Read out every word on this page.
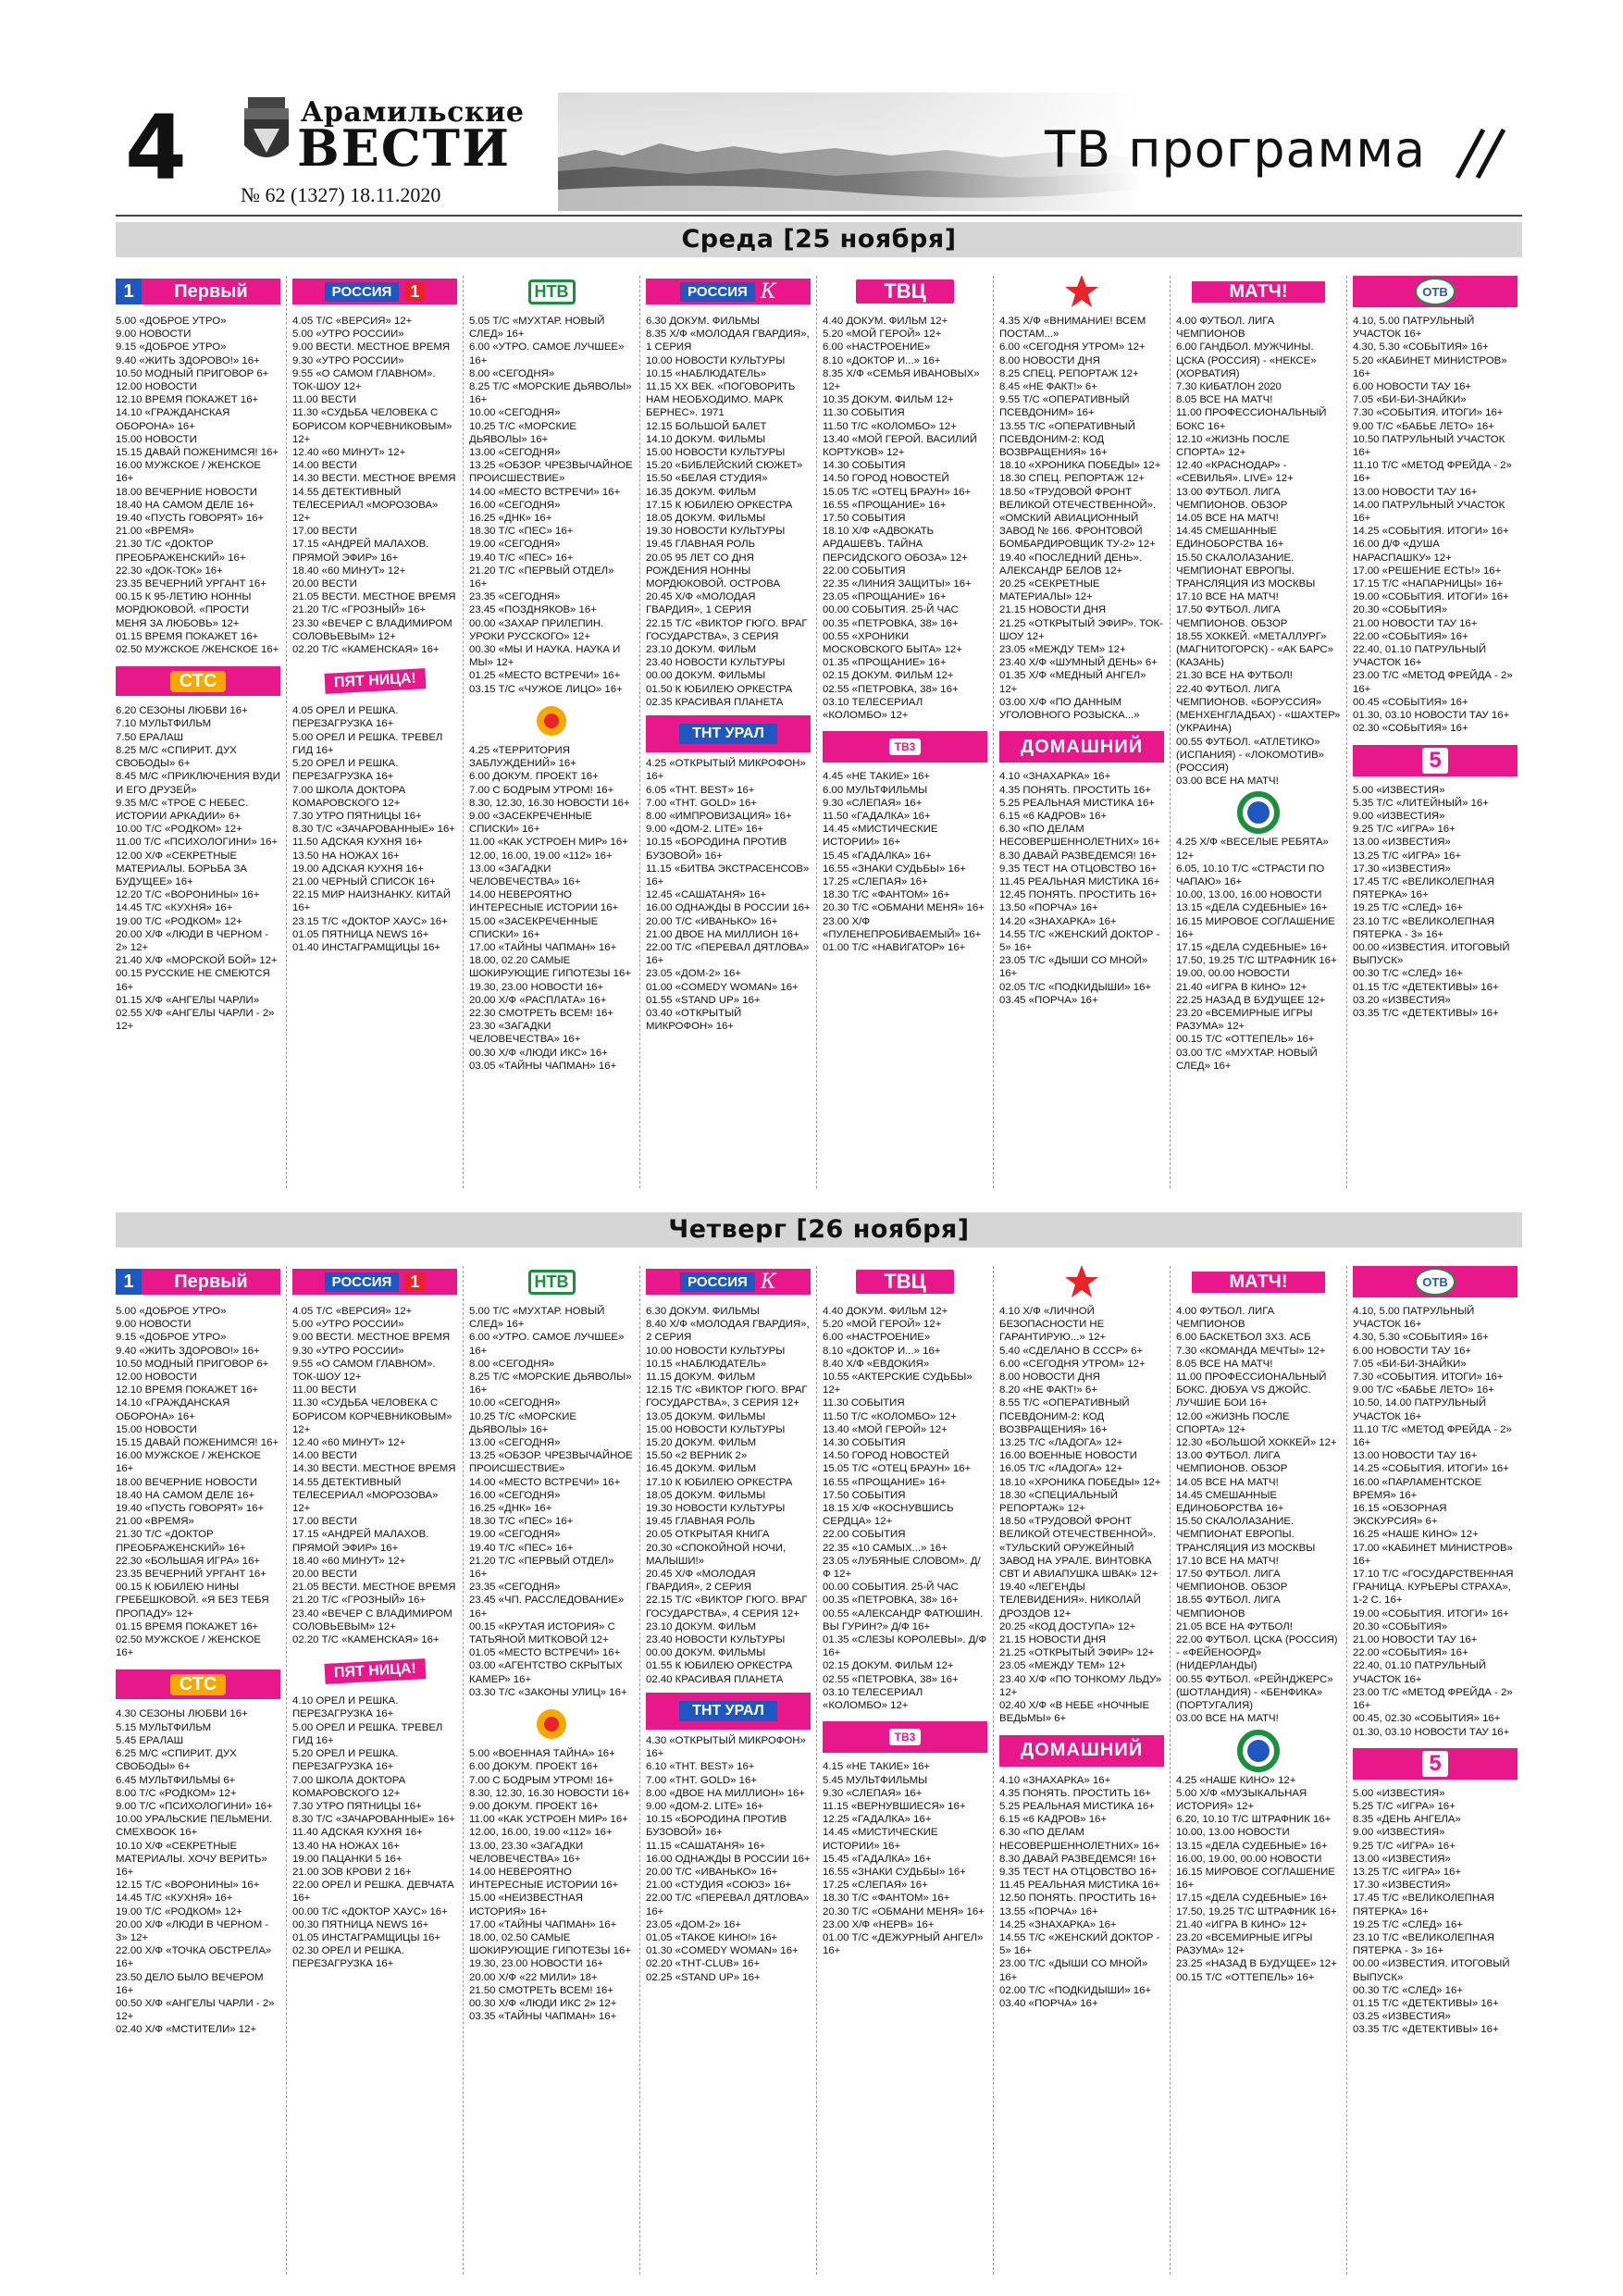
4	Арамильские
ВЕСТИ
№ 62 (1327) 18.11.2020
ТВ программа
Среда [25 ноября]
1	Первый

5.00 «ДОБРОЕ УТРО»

9.00 НОВОСТИ

9.15 «ДОБРОЕ УТРО»

9.40 «ЖИТЬ ЗДОРОВО!» 16+

10.50 МОДНЫЙ ПРИГОВОР 6+

12.00 НОВОСТИ

12.10 ВРЕМЯ ПОКАЖЕТ 16+

14.10 «ГРАЖДАНСКАЯ ОБОРОНА» 16+

15.00 НОВОСТИ

15.15 ДАВАЙ ПОЖЕНИМСЯ! 16+

16.00 МУЖСКОЕ / ЖЕНСКОЕ 16+

18.00 ВЕЧЕРНИЕ НОВОСТИ

18.40 НА САМОМ ДЕЛЕ 16+

19.40 «ПУСТЬ ГОВОРЯТ» 16+

21.00 «ВРЕМЯ»

21.30 Т/С «ДОКТОР ПРЕОБРАЖЕНСКИЙ» 16+

22.30 «ДОК-ТОК» 16+

23.35 ВЕЧЕРНИЙ УРГАНТ 16+

00.15 К 95-ЛЕТИЮ НОННЫ МОРДЮКОВОЙ. «ПРОСТИ МЕНЯ ЗА ЛЮБОВЬ» 12+

01.15 ВРЕМЯ ПОКАЖЕТ 16+

02.50 МУЖСКОЕ /ЖЕНСКОЕ 16+

СТС

6.20 СЕЗОНЫ ЛЮБВИ 16+

7.10 МУЛЬТФИЛЬМ

7.50 ЕРАЛАШ

8.25 М/С «СПИРИТ. ДУХ СВОБОДЫ» 6+

8.45 М/С «ПРИКЛЮЧЕНИЯ ВУДИ И ЕГО ДРУЗЕЙ»

9.35 М/С «ТРОЕ С НЕБЕС. ИСТОРИИ АРКАДИИ» 6+

10.00 Т/С «РОДКОМ» 12+

11.00 Т/С «ПСИХОЛОГИНИ» 16+

12.00 Х/Ф «СЕКРЕТНЫЕ МАТЕРИАЛЫ. БОРЬБА ЗА БУДУЩЕЕ» 16+

12.20 Т/С «ВОРОНИНЫ» 16+

14.45 Т/С «КУХНЯ» 16+

19.00 Т/С «РОДКОМ» 12+

20.00 Х/Ф «ЛЮДИ В ЧЕРНОМ - 2» 12+

21.40 Х/Ф «МОРСКОЙ БОЙ» 12+

00.15 РУССКИЕ НЕ СМЕЮТСЯ 16+

01.15 Х/Ф «АНГЕЛЫ ЧАРЛИ»

02.55 Х/Ф «АНГЕЛЫ ЧАРЛИ - 2» 12+

РОССИЯ	1

4.05 Т/С «ВЕРСИЯ» 12+

5.00 «УТРО РОССИИ»

9.00 ВЕСТИ. МЕСТНОЕ ВРЕМЯ

9.30 «УТРО РОССИИ»

9.55 «О САМОМ ГЛАВНОМ». ТОК-ШОУ 12+

11.00 ВЕСТИ

11.30 «СУДЬБА ЧЕЛОВЕКА С БОРИСОМ КОРЧЕВНИКОВЫМ» 12+

12.40 «60 МИНУТ» 12+

14.00 ВЕСТИ

14.30 ВЕСТИ. МЕСТНОЕ ВРЕМЯ

14.55 ДЕТЕКТИВНЫЙ ТЕЛЕСЕРИАЛ «МОРОЗОВА» 12+

17.00 ВЕСТИ

17.15 «АНДРЕЙ МАЛАХОВ. ПРЯМОЙ ЭФИР» 16+

18.40 «60 МИНУТ» 12+

20.00 ВЕСТИ

21.05 ВЕСТИ. МЕСТНОЕ ВРЕМЯ

21.20 Т/С «ГРОЗНЫЙ» 16+

23.30 «ВЕЧЕР С ВЛАДИМИРОМ СОЛОВЬЕВЫМ» 12+

02.20 Т/С «КАМЕНСКАЯ» 16+

ПЯТ НИЦА!

4.05 ОРЕЛ И РЕШКА. ПЕРЕЗАГРУЗКА 16+

5.00 ОРЕЛ И РЕШКА. ТРЕВЕЛ ГИД 16+

5.20 ОРЕЛ И РЕШКА. ПЕРЕЗАГРУЗКА 16+

7.00 ШКОЛА ДОКТОРА КОМАРОВСКОГО 12+

7.30 УТРО ПЯТНИЦЫ 16+

8.30 Т/С «ЗАЧАРОВАННЫЕ» 16+

11.50 АДСКАЯ КУХНЯ 16+

13.50 НА НОЖАХ 16+

19.00 АДСКАЯ КУХНЯ 16+

21.00 ЧЕРНЫЙ СПИСОК 16+

22.15 МИР НАИЗНАНКУ. КИТАЙ 16+

23.15 Т/С «ДОКТОР ХАУС» 16+

01.05 ПЯТНИЦА NEWS 16+

01.40 ИНСТАГРАМЩИЦЫ 16+

НТВ

5.05 Т/С «МУХТАР. НОВЫЙ СЛЕД» 16+

6.00 «УТРО. САМОЕ ЛУЧШЕЕ» 16+

8.00 «СЕГОДНЯ»

8.25 Т/С «МОРСКИЕ ДЬЯВОЛЫ» 16+

10.00 «СЕГОДНЯ»

10.25 Т/С «МОРСКИЕ ДЬЯВОЛЫ» 16+

13.00 «СЕГОДНЯ»

13.25 «ОБЗОР. ЧРЕЗВЫЧАЙНОЕ ПРОИСШЕСТВИЕ»

14.00 «МЕСТО ВСТРЕЧИ» 16+

16.00 «СЕГОДНЯ»

16.25 «ДНК» 16+

18.30 Т/С «ПЕС» 16+

19.00 «СЕГОДНЯ»

19.40 Т/С «ПЕС» 16+

21.20 Т/С «ПЕРВЫЙ ОТДЕЛ» 16+

23.35 «СЕГОДНЯ»

23.45 «ПОЗДНЯКОВ» 16+

00.00 «ЗАХАР ПРИЛЕПИН. УРОКИ РУССКОГО» 12+

00.30 «МЫ И НАУКА. НАУКА И МЫ» 12+

01.25 «МЕСТО ВСТРЕЧИ» 16+

03.15 Т/С «ЧУЖОЕ ЛИЦО» 16+

4.25 «ТЕРРИТОРИЯ ЗАБЛУЖДЕНИЙ» 16+

6.00 ДОКУМ. ПРОЕКТ 16+

7.00 С БОДРЫМ УТРОМ! 16+

8.30, 12.30, 16.30 НОВОСТИ 16+

9.00 «ЗАСЕКРЕЧЕННЫЕ СПИСКИ» 16+

11.00 «КАК УСТРОЕН МИР» 16+

12.00, 16.00, 19.00 «112» 16+

13.00 «ЗАГАДКИ ЧЕЛОВЕЧЕСТВА» 16+

14.00 НЕВЕРОЯТНО ИНТЕРЕСНЫЕ ИСТОРИИ 16+

15.00 «ЗАСЕКРЕЧЕННЫЕ СПИСКИ» 16+

17.00 «ТАЙНЫ ЧАПМАН» 16+

18.00, 02.20 САМЫЕ ШОКИРУЮЩИЕ ГИПОТЕЗЫ 16+

19.30, 23.00 НОВОСТИ 16+

20.00 Х/Ф «РАСПЛАТА» 16+

22.30 СМОТРЕТЬ ВСЕМ! 16+

23.30 «ЗАГАДКИ ЧЕЛОВЕЧЕСТВА» 16+

00.30 Х/Ф «ЛЮДИ ИКС» 16+

03.05 «ТАЙНЫ ЧАПМАН» 16+

РОССИЯ К

6.30 ДОКУМ. ФИЛЬМЫ

8.35 Х/Ф «МОЛОДАЯ ГВАРДИЯ», 1 СЕРИЯ

10.00 НОВОСТИ КУЛЬТУРЫ

10.15 «НАБЛЮДАТЕЛЬ»

11.15 ХХ ВЕК. «ПОГОВОРИТЬ НАМ НЕОБХОДИМО. МАРК БЕРНЕС». 1971

12.15 БОЛЬШОЙ БАЛЕТ

14.10 ДОКУМ. ФИЛЬМЫ

15.00 НОВОСТИ КУЛЬТУРЫ

15.20 «БИБЛЕЙСКИЙ СЮЖЕТ»

15.50 «БЕЛАЯ СТУДИЯ»

16.35 ДОКУМ. ФИЛЬМ

17.15 К ЮБИЛЕЮ ОРКЕСТРА

18.05 ДОКУМ. ФИЛЬМЫ

19.30 НОВОСТИ КУЛЬТУРЫ

19.45 ГЛАВНАЯ РОЛЬ

20.05 95 ЛЕТ СО ДНЯ РОЖДЕНИЯ НОННЫ МОРДЮКОВОЙ. ОСТРОВА

20.45 Х/Ф «МОЛОДАЯ ГВАРДИЯ», 1 СЕРИЯ

22.15 Т/С «ВИКТОР ГЮГО. ВРАГ ГОСУДАРСТВА», 3 СЕРИЯ

23.10 ДОКУМ. ФИЛЬМ

23.40 НОВОСТИ КУЛЬТУРЫ

00.00 ДОКУМ. ФИЛЬМЫ

01.50 К ЮБИЛЕЮ ОРКЕСТРА

02.35 КРАСИВАЯ ПЛАНЕТА

ТНТ УРАЛ

4.25 «ОТКРЫТЫЙ МИКРОФОН» 16+

6.05 «ТНТ. BEST» 16+

7.00 «ТНТ. GOLD» 16+

8.00 «ИМПРОВИЗАЦИЯ» 16+

9.00 «ДОМ-2. LITE» 16+

10.15 «БОРОДИНА ПРОТИВ БУЗОВОЙ» 16+

11.15 «БИТВА ЭКСТРАСЕНСОВ» 16+

12.45 «САШАТАНЯ» 16+

16.00 ОДНАЖДЫ В РОССИИ 16+

20.00 Т/С «ИВАНЬКО» 16+

21.00 ДВОЕ НА МИЛЛИОН 16+

22.00 Т/С «ПЕРЕВАЛ ДЯТЛОВА» 16+

23.05 «ДОМ-2» 16+

01.00 «COMEDY WOMAN» 16+

01.55 «STAND UP» 16+

03.40 «ОТКРЫТЫЙ МИКРОФОН» 16+

ТВЦ

4.40 ДОКУМ. ФИЛЬМ 12+

5.20 «МОЙ ГЕРОЙ» 12+

6.00 «НАСТРОЕНИЕ»

8.10 «ДОКТОР И...» 16+

8.35 Х/Ф «СЕМЬЯ ИВАНОВЫХ» 12+

10.35 ДОКУМ. ФИЛЬМ 12+

11.30 СОБЫТИЯ

11.50 Т/С «КОЛОМБО» 12+

13.40 «МОЙ ГЕРОЙ. ВАСИЛИЙ КОРТУКОВ» 12+

14.30 СОБЫТИЯ

14.50 ГОРОД НОВОСТЕЙ

15.05 Т/С «ОТЕЦ БРАУН» 16+

16.55 «ПРОЩАНИЕ» 16+

17.50 СОБЫТИЯ

18.10 Х/Ф «АДВОКАТЬ АРДАШЕВЪ. ТАЙНА ПЕРСИДСКОГО ОБОЗА» 12+

22.00 СОБЫТИЯ

22.35 «ЛИНИЯ ЗАЩИТЫ» 16+

23.05 «ПРОЩАНИЕ» 16+

00.00 СОБЫТИЯ. 25-Й ЧАС

00.35 «ПЕТРОВКА, 38» 16+

00.55 «ХРОНИКИ МОСКОВСКОГО БЫТА» 12+

01.35 «ПРОЩАНИЕ» 16+

02.15 ДОКУМ. ФИЛЬМ 12+

02.55 «ПЕТРОВКА, 38» 16+

03.10 ТЕЛЕСЕРИАЛ «КОЛОМБО» 12+

ТВ3

4.45 «НЕ ТАКИЕ» 16+

6.00 МУЛЬТФИЛЬМЫ

9.30 «СЛЕПАЯ» 16+

11.50 «ГАДАЛКА» 16+

14.45 «МИСТИЧЕСКИЕ ИСТОРИИ» 16+

15.45 «ГАДАЛКА» 16+

16.55 «ЗНАКИ СУДЬБЫ» 16+

17.25 «СЛЕПАЯ» 16+

18.30 Т/С «ФАНТОМ» 16+

20.30 Т/С «ОБМАНИ МЕНЯ» 16+

23.00 Х/Ф «ПУЛЕНЕПРОБИВАЕМЫЙ» 16+

01.00 Т/С «НАВИГАТОР» 16+

4.35 Х/Ф «ВНИМАНИЕ! ВСЕМ ПОСТАМ...»

6.00 «СЕГОДНЯ УТРОМ» 12+

8.00 НОВОСТИ ДНЯ

8.25 СПЕЦ. РЕПОРТАЖ 12+

8.45 «НЕ ФАКТ!» 6+

9.55 Т/С «ОПЕРАТИВНЫЙ ПСЕВДОНИМ» 16+

13.55 Т/С «ОПЕРАТИВНЫЙ ПСЕВДОНИМ-2: КОД ВОЗВРАЩЕНИЯ» 16+

18.10 «ХРОНИКА ПОБЕДЫ» 12+

18.30 СПЕЦ. РЕПОРТАЖ 12+

18.50 «ТРУДОВОЙ ФРОНТ ВЕЛИКОЙ ОТЕЧЕСТВЕННОЙ». «ОМСКИЙ АВИАЦИОННЫЙ ЗАВОД № 166. ФРОНТОВОЙ БОМБАРДИРОВЩИК ТУ-2» 12+

19.40 «ПОСЛЕДНИЙ ДЕНЬ». АЛЕКСАНДР БЕЛОВ 12+

20.25 «СЕКРЕТНЫЕ МАТЕРИАЛЫ» 12+

21.15 НОВОСТИ ДНЯ

21.25 «ОТКРЫТЫЙ ЭФИР». ТОК-ШОУ 12+

23.05 «МЕЖДУ ТЕМ» 12+

23.40 Х/Ф «ШУМНЫЙ ДЕНЬ» 6+

01.35 Х/Ф «МЕДНЫЙ АНГЕЛ» 12+

03.00 Х/Ф «ПО ДАННЫМ УГОЛОВНОГО РОЗЫСКА...»

ДОМАШНИЙ

4.10 «ЗНАХАРКА» 16+

4.35 ПОНЯТЬ. ПРОСТИТЬ 16+

5.25 РЕАЛЬНАЯ МИСТИКА 16+

6.15 «6 КАДРОВ» 16+

6.30 «ПО ДЕЛАМ НЕСОВЕРШЕННОЛЕТНИХ» 16+

8.30 ДАВАЙ РАЗВЕДЕМСЯ! 16+

9.35 ТЕСТ НА ОТЦОВСТВО 16+

11.45 РЕАЛЬНАЯ МИСТИКА 16+

12.45 ПОНЯТЬ. ПРОСТИТЬ 16+

13.50 «ПОРЧА» 16+

14.20 «ЗНАХАРКА» 16+

14.55 Т/С «ЖЕНСКИЙ ДОКТОР - 5» 16+

23.05 Т/С «ДЫШИ СО МНОЙ» 16+

02.05 Т/С «ПОДКИДЫШИ» 16+

03.45 «ПОРЧА» 16+

МАТЧ!

4.00 ФУТБОЛ. ЛИГА ЧЕМПИОНОВ

6.00 ГАНДБОЛ. МУЖЧИНЫ. ЦСКА (РОССИЯ) - «НЕКСЕ» (ХОРВАТИЯ)

7.30 КИБАТЛОН 2020

8.05 ВСЕ НА МАТЧ!

11.00 ПРОФЕССИОНАЛЬНЫЙ БОКС 16+

12.10 «ЖИЗНЬ ПОСЛЕ СПОРТА» 12+

12.40 «КРАСНОДАР» - «СЕВИЛЬЯ». LIVE» 12+

13.00 ФУТБОЛ. ЛИГА ЧЕМПИОНОВ. ОБЗОР

14.05 ВСЕ НА МАТЧ!

14.45 СМЕШАННЫЕ ЕДИНОБОРСТВА 16+

15.50 СКАЛОЛАЗАНИЕ. ЧЕМПИОНАТ ЕВРОПЫ. ТРАНСЛЯЦИЯ ИЗ МОСКВЫ

17.10 ВСЕ НА МАТЧ!

17.50 ФУТБОЛ. ЛИГА ЧЕМПИОНОВ. ОБЗОР

18.55 ХОККЕЙ. «МЕТАЛЛУРГ» (МАГНИТОГОРСК) - «АК БАРС» (КАЗАНЬ)

21.30 ВСЕ НА ФУТБОЛ!

22.40 ФУТБОЛ. ЛИГА ЧЕМПИОНОВ. «БОРУССИЯ» (МЕНХЕНГЛАДБАХ) - «ШАХТЕР» (УКРАИНА)

00.55 ФУТБОЛ. «АТЛЕТИКО» (ИСПАНИЯ) - «ЛОКОМОТИВ» (РОССИЯ)

03.00 ВСЕ НА МАТЧ!

4.25 Х/Ф «ВЕСЕЛЫЕ РЕБЯТА» 12+

6.05, 10.10 Т/С «СТРАСТИ ПО ЧАПАЮ» 16+

10.00, 13.00, 16.00 НОВОСТИ

13.15 «ДЕЛА СУДЕБНЫЕ» 16+

16.15 МИРОВОЕ СОГЛАШЕНИЕ 16+

17.15 «ДЕЛА СУДЕБНЫЕ» 16+

17.50, 19.25 Т/С ШТРАФНИК 16+

19.00, 00.00 НОВОСТИ

21.40 «ИГРА В КИНО» 12+

22.25 НАЗАД В БУДУЩЕЕ 12+

23.20 «ВСЕМИРНЫЕ ИГРЫ РАЗУМА» 12+

00.15 Т/С «ОТТЕПЕЛЬ» 16+

03.00 Т/С «МУХТАР. НОВЫЙ СЛЕД» 16+

ОТВ

4.10, 5.00 ПАТРУЛЬНЫЙ УЧАСТОК 16+

4.30, 5.30 «СОБЫТИЯ» 16+

5.20 «КАБИНЕТ МИНИСТРОВ» 16+

6.00 НОВОСТИ ТАУ 16+

7.05 «БИ-БИ-ЗНАЙКИ»

7.30 «СОБЫТИЯ. ИТОГИ» 16+

9.00 Т/С «БАБЬЕ ЛЕТО» 16+

10.50 ПАТРУЛЬНЫЙ УЧАСТОК 16+

11.10 Т/С «МЕТОД ФРЕЙДА - 2» 16+

13.00 НОВОСТИ ТАУ 16+

14.00 ПАТРУЛЬНЫЙ УЧАСТОК 16+

14.25 «СОБЫТИЯ. ИТОГИ» 16+

16.00 Д/Ф «ДУША НАРАСПАШКУ» 12+

17.00 «РЕШЕНИЕ ЕСТЬ!» 16+

17.15 Т/С «НАПАРНИЦЫ» 16+

19.00 «СОБЫТИЯ. ИТОГИ» 16+

20.30 «СОБЫТИЯ»

21.00 НОВОСТИ ТАУ 16+

22.00 «СОБЫТИЯ» 16+

22.40, 01.10 ПАТРУЛЬНЫЙ УЧАСТОК 16+

23.00 Т/С «МЕТОД ФРЕЙДА - 2» 16+

00.45 «СОБЫТИЯ» 16+

01.30, 03.10 НОВОСТИ ТАУ 16+

02.30 «СОБЫТИЯ» 16+

5

5.00 «ИЗВЕСТИЯ»

5.35 Т/С «ЛИТЕЙНЫЙ» 16+

9.00 «ИЗВЕСТИЯ»

9.25 Т/С «ИГРА» 16+

13.00 «ИЗВЕСТИЯ»

13.25 Т/С «ИГРА» 16+

17.30 «ИЗВЕСТИЯ»

17.45 Т/С «ВЕЛИКОЛЕПНАЯ ПЯТЕРКА» 16+

19.25 Т/С «СЛЕД» 16+

23.10 Т/С «ВЕЛИКОЛЕПНАЯ ПЯТЕРКА - 3» 16+

00.00 «ИЗВЕСТИЯ. ИТОГОВЫЙ ВЫПУСК»

00.30 Т/С «СЛЕД» 16+

01.15 Т/С «ДЕТЕКТИВЫ» 16+

03.20 «ИЗВЕСТИЯ»

03.35 Т/С «ДЕТЕКТИВЫ» 16+

Четверг [26 ноября]
1	Первый

5.00 «ДОБРОЕ УТРО»

9.00 НОВОСТИ

9.15 «ДОБРОЕ УТРО»

9.40 «ЖИТЬ ЗДОРОВО!» 16+

10.50 МОДНЫЙ ПРИГОВОР 6+

12.00 НОВОСТИ

12.10 ВРЕМЯ ПОКАЖЕТ 16+

14.10 «ГРАЖДАНСКАЯ ОБОРОНА» 16+

15.00 НОВОСТИ

15.15 ДАВАЙ ПОЖЕНИМСЯ! 16+

16.00 МУЖСКОЕ / ЖЕНСКОЕ 16+

18.00 ВЕЧЕРНИЕ НОВОСТИ

18.40 НА САМОМ ДЕЛЕ 16+

19.40 «ПУСТЬ ГОВОРЯТ» 16+

21.00 «ВРЕМЯ»

21.30 Т/С «ДОКТОР ПРЕОБРАЖЕНСКИЙ» 16+

22.30 «БОЛЬШАЯ ИГРА» 16+

23.35 ВЕЧЕРНИЙ УРГАНТ 16+

00.15 К ЮБИЛЕЮ НИНЫ ГРЕБЕШКОВОЙ. «Я БЕЗ ТЕБЯ ПРОПАДУ» 12+

01.15 ВРЕМЯ ПОКАЖЕТ 16+

02.50 МУЖСКОЕ / ЖЕНСКОЕ 16+

СТС

4.30 СЕЗОНЫ ЛЮБВИ 16+

5.15 МУЛЬТФИЛЬМ

5.45 ЕРАЛАШ

6.25 М/С «СПИРИТ. ДУХ СВОБОДЫ» 6+

6.45 МУЛЬТФИЛЬМЫ 6+

8.00 Т/С «РОДКОМ» 12+

9.00 Т/С «ПСИХОЛОГИНИ» 16+

10.00 УРАЛЬСКИЕ ПЕЛЬМЕНИ. СМЕХBOOK 16+

10.10 Х/Ф «СЕКРЕТНЫЕ МАТЕРИАЛЫ. ХОЧУ ВЕРИТЬ» 16+

12.15 Т/С «ВОРОНИНЫ» 16+

14.45 Т/С «КУХНЯ» 16+

19.00 Т/С «РОДКОМ» 12+

20.00 Х/Ф «ЛЮДИ В ЧЕРНОМ - 3» 12+

22.00 Х/Ф «ТОЧКА ОБСТРЕЛА» 16+

23.50 ДЕЛО БЫЛО ВЕЧЕРОМ 16+

00.50 Х/Ф «АНГЕЛЫ ЧАРЛИ - 2» 12+

02.40 Х/Ф «МСТИТЕЛИ» 12+

РОССИЯ	1

4.05 Т/С «ВЕРСИЯ» 12+

5.00 «УТРО РОССИИ»

9.00 ВЕСТИ. МЕСТНОЕ ВРЕМЯ

9.30 «УТРО РОССИИ»

9.55 «О САМОМ ГЛАВНОМ». ТОК-ШОУ 12+

11.00 ВЕСТИ

11.30 «СУДЬБА ЧЕЛОВЕКА С БОРИСОМ КОРЧЕВНИКОВЫМ» 12+

12.40 «60 МИНУТ» 12+

14.00 ВЕСТИ

14.30 ВЕСТИ. МЕСТНОЕ ВРЕМЯ

14.55 ДЕТЕКТИВНЫЙ ТЕЛЕСЕРИАЛ «МОРОЗОВА» 12+

17.00 ВЕСТИ

17.15 «АНДРЕЙ МАЛАХОВ. ПРЯМОЙ ЭФИР» 16+

18.40 «60 МИНУТ» 12+

20.00 ВЕСТИ

21.05 ВЕСТИ. МЕСТНОЕ ВРЕМЯ

21.20 Т/С «ГРОЗНЫЙ» 16+

23.40 «ВЕЧЕР С ВЛАДИМИРОМ СОЛОВЬЕВЫМ» 12+

02.20 Т/С «КАМЕНСКАЯ» 16+

ПЯТ НИЦА!

4.10 ОРЕЛ И РЕШКА. ПЕРЕЗАГРУЗКА 16+

5.00 ОРЕЛ И РЕШКА. ТРЕВЕЛ ГИД 16+

5.20 ОРЕЛ И РЕШКА. ПЕРЕЗАГРУЗКА 16+

7.00 ШКОЛА ДОКТОРА КОМАРОВСКОГО 12+

7.30 УТРО ПЯТНИЦЫ 16+

8.30 Т/С «ЗАЧАРОВАННЫЕ» 16+

11.40 АДСКАЯ КУХНЯ 16+

13.40 НА НОЖАХ 16+

19.00 ПАЦАНКИ 5 16+

21.00 ЗОВ КРОВИ 2 16+

22.00 ОРЕЛ И РЕШКА. ДЕВЧАТА 16+

00.00 Т/С «ДОКТОР ХАУС» 16+

00.30 ПЯТНИЦА NEWS 16+

01.05 ИНСТАГРАМЩИЦЫ 16+

02.30 ОРЕЛ И РЕШКА. ПЕРЕЗАГРУЗКА 16+

НТВ

5.00 Т/С «МУХТАР. НОВЫЙ СЛЕД» 16+

6.00 «УТРО. САМОЕ ЛУЧШЕЕ» 16+

8.00 «СЕГОДНЯ»

8.25 Т/С «МОРСКИЕ ДЬЯВОЛЫ» 16+

10.00 «СЕГОДНЯ»

10.25 Т/С «МОРСКИЕ ДЬЯВОЛЫ» 16+

13.00 «СЕГОДНЯ»

13.25 «ОБЗОР. ЧРЕЗВЫЧАЙНОЕ ПРОИСШЕСТВИЕ»

14.00 «МЕСТО ВСТРЕЧИ» 16+

16.00 «СЕГОДНЯ»

16.25 «ДНК» 16+

18.30 Т/С «ПЕС» 16+

19.00 «СЕГОДНЯ»

19.40 Т/С «ПЕС» 16+

21.20 Т/С «ПЕРВЫЙ ОТДЕЛ» 16+

23.35 «СЕГОДНЯ»

23.45 «ЧП. РАССЛЕДОВАНИЕ» 16+

00.15 «КРУТАЯ ИСТОРИЯ» С ТАТЬЯНОЙ МИТКОВОЙ 12+

01.05 «МЕСТО ВСТРЕЧИ» 16+

03.00 «АГЕНТСТВО СКРЫТЫХ КАМЕР» 16+

03.30 Т/С «ЗАКОНЫ УЛИЦ» 16+

5.00 «ВОЕННАЯ ТАЙНА» 16+

6.00 ДОКУМ. ПРОЕКТ 16+

7.00 С БОДРЫМ УТРОМ! 16+

8.30, 12.30, 16.30 НОВОСТИ 16+

9.00 ДОКУМ. ПРОЕКТ 16+

11.00 «КАК УСТРОЕН МИР» 16+

12.00, 16.00, 19.00 «112» 16+

13.00, 23.30 «ЗАГАДКИ ЧЕЛОВЕЧЕСТВА» 16+

14.00 НЕВЕРОЯТНО ИНТЕРЕСНЫЕ ИСТОРИИ 16+

15.00 «НЕИЗВЕСТНАЯ ИСТОРИЯ» 16+

17.00 «ТАЙНЫ ЧАПМАН» 16+

18.00, 02.50 САМЫЕ ШОКИРУЮЩИЕ ГИПОТЕЗЫ 16+

19.30, 23.00 НОВОСТИ 16+

20.00 Х/Ф «22 МИЛИ» 18+

21.50 СМОТРЕТЬ ВСЕМ! 16+

00.30 Х/Ф «ЛЮДИ ИКС 2» 12+

03.35 «ТАЙНЫ ЧАПМАН» 16+

РОССИЯ К

6.30 ДОКУМ. ФИЛЬМЫ

8.40 Х/Ф «МОЛОДАЯ ГВАРДИЯ», 2 СЕРИЯ

10.00 НОВОСТИ КУЛЬТУРЫ

10.15 «НАБЛЮДАТЕЛЬ»

11.15 ДОКУМ. ФИЛЬМ

12.15 Т/С «ВИКТОР ГЮГО. ВРАГ ГОСУДАРСТВА», 3 СЕРИЯ 12+

13.05 ДОКУМ. ФИЛЬМЫ

15.00 НОВОСТИ КУЛЬТУРЫ

15.20 ДОКУМ. ФИЛЬМ

15.50 «2 ВЕРНИК 2»

16.45 ДОКУМ. ФИЛЬМ

17.10 К ЮБИЛЕЮ ОРКЕСТРА

18.05 ДОКУМ. ФИЛЬМЫ

19.30 НОВОСТИ КУЛЬТУРЫ

19.45 ГЛАВНАЯ РОЛЬ

20.05 ОТКРЫТАЯ КНИГА

20.30 «СПОКОЙНОЙ НОЧИ, МАЛЫШИ!»

20.45 Х/Ф «МОЛОДАЯ ГВАРДИЯ», 2 СЕРИЯ

22.15 Т/С «ВИКТОР ГЮГО. ВРАГ ГОСУДАРСТВА», 4 СЕРИЯ 12+

23.10 ДОКУМ. ФИЛЬМ

23.40 НОВОСТИ КУЛЬТУРЫ

00.00 ДОКУМ. ФИЛЬМЫ

01.55 К ЮБИЛЕЮ ОРКЕСТРА

02.40 КРАСИВАЯ ПЛАНЕТА

ТНТ УРАЛ

4.30 «ОТКРЫТЫЙ МИКРОФОН» 16+

6.10 «ТНТ. BEST» 16+

7.00 «ТНТ. GOLD» 16+

8.00 «ДВОЕ НА МИЛЛИОН» 16+

9.00 «ДОМ-2. LITE» 16+

10.15 «БОРОДИНА ПРОТИВ БУЗОВОЙ» 16+

11.15 «САШАТАНЯ» 16+

16.00 ОДНАЖДЫ В РОССИИ 16+

20.00 Т/С «ИВАНЬКО» 16+

21.00 «СТУДИЯ «СОЮЗ» 16+

22.00 Т/С «ПЕРЕВАЛ ДЯТЛОВА» 16+

23.05 «ДОМ-2» 16+

01.05 «ТАКОЕ КИНО!» 16+

01.30 «COMEDY WOMAN» 16+

02.20 «ТНТ-CLUB» 16+

02.25 «STAND UP» 16+

ТВЦ

4.40 ДОКУМ. ФИЛЬМ 12+

5.20 «МОЙ ГЕРОЙ» 12+

6.00 «НАСТРОЕНИЕ»

8.10 «ДОКТОР И...» 16+

8.40 Х/Ф «ЕВДОКИЯ»

10.55 «АКТЕРСКИЕ СУДЬБЫ» 12+

11.30 СОБЫТИЯ

11.50 Т/С «КОЛОМБО» 12+

13.40 «МОЙ ГЕРОЙ» 12+

14.30 СОБЫТИЯ

14.50 ГОРОД НОВОСТЕЙ

15.05 Т/С «ОТЕЦ БРАУН» 16+

16.55 «ПРОЩАНИЕ» 16+

17.50 СОБЫТИЯ

18.15 Х/Ф «КОСНУВШИСЬ СЕРДЦА» 12+

22.00 СОБЫТИЯ

22.35 «10 САМЫХ...» 16+

23.05 «ЛУБЯНЫЕ СЛОВОМ». Д/Ф 12+

00.00 СОБЫТИЯ. 25-Й ЧАС

00.35 «ПЕТРОВКА, 38» 16+

00.55 «АЛЕКСАНДР ФАТЮШИН. ВЫ ГУРИН?» Д/Ф 16+

01.35 «СЛЕЗЫ КОРОЛЕВЫ». Д/Ф 16+

02.15 ДОКУМ. ФИЛЬМ 12+

02.55 «ПЕТРОВКА, 38» 16+

03.10 ТЕЛЕСЕРИАЛ «КОЛОМБО» 12+

ТВ3

4.15 «НЕ ТАКИЕ» 16+

5.45 МУЛЬТФИЛЬМЫ

9.30 «СЛЕПАЯ» 16+

11.15 «ВЕРНУВШИЕСЯ» 16+

12.25 «ГАДАЛКА» 16+

14.45 «МИСТИЧЕСКИЕ ИСТОРИИ» 16+

15.45 «ГАДАЛКА» 16+

16.55 «ЗНАКИ СУДЬБЫ» 16+

17.25 «СЛЕПАЯ» 16+

18.30 Т/С «ФАНТОМ» 16+

20.30 Т/С «ОБМАНИ МЕНЯ» 16+

23.00 Х/Ф «НЕРВ» 16+

01.00 Т/С «ДЕЖУРНЫЙ АНГЕЛ» 16+

4.10 Х/Ф «ЛИЧНОЙ БЕЗОПАСНОСТИ НЕ ГАРАНТИРУЮ...» 12+

5.40 «СДЕЛАНО В СССР» 6+

6.00 «СЕГОДНЯ УТРОМ» 12+

8.00 НОВОСТИ ДНЯ

8.20 «НЕ ФАКТ!» 6+

8.55 Т/С «ОПЕРАТИВНЫЙ ПСЕВДОНИМ-2: КОД ВОЗВРАЩЕНИЯ» 16+

13.25 Т/С «ЛАДОГА» 12+

16.00 ВОЕННЫЕ НОВОСТИ

16.05 Т/С «ЛАДОГА» 12+

18.10 «ХРОНИКА ПОБЕДЫ» 12+

18.30 «СПЕЦИАЛЬНЫЙ РЕПОРТАЖ» 12+

18.50 «ТРУДОВОЙ ФРОНТ ВЕЛИКОЙ ОТЕЧЕСТВЕННОЙ». «ТУЛЬСКИЙ ОРУЖЕЙНЫЙ ЗАВОД НА УРАЛЕ. ВИНТОВКА СВТ И АВИАПУШКА ШВАК» 12+

19.40 «ЛЕГЕНДЫ ТЕЛЕВИДЕНИЯ». НИКОЛАЙ ДРОЗДОВ 12+

20.25 «КОД ДОСТУПА» 12+

21.15 НОВОСТИ ДНЯ

21.25 «ОТКРЫТЫЙ ЭФИР» 12+

23.05 «МЕЖДУ ТЕМ» 12+

23.40 Х/Ф «ПО ТОНКОМУ ЛЬДУ» 12+

02.40 Х/Ф «В НЕБЕ «НОЧНЫЕ ВЕДЬМЫ» 6+

ДОМАШНИЙ

4.10 «ЗНАХАРКА» 16+

4.35 ПОНЯТЬ. ПРОСТИТЬ 16+

5.25 РЕАЛЬНАЯ МИСТИКА 16+

6.15 «6 КАДРОВ» 16+

6.30 «ПО ДЕЛАМ НЕСОВЕРШЕННОЛЕТНИХ» 16+

8.30 ДАВАЙ РАЗВЕДЕМСЯ! 16+

9.35 ТЕСТ НА ОТЦОВСТВО 16+

11.45 РЕАЛЬНАЯ МИСТИКА 16+

12.50 ПОНЯТЬ. ПРОСТИТЬ 16+

13.55 «ПОРЧА» 16+

14.25 «ЗНАХАРКА» 16+

14.55 Т/С «ЖЕНСКИЙ ДОКТОР - 5» 16+

23.00 Т/С «ДЫШИ СО МНОЙ» 16+

02.00 Т/С «ПОДКИДЫШИ» 16+

03.40 «ПОРЧА» 16+

МАТЧ!

4.00 ФУТБОЛ. ЛИГА ЧЕМПИОНОВ

6.00 БАСКЕТБОЛ 3Х3. АСБ

7.30 «КОМАНДА МЕЧТЫ» 12+

8.05 ВСЕ НА МАТЧ!

11.00 ПРОФЕССИОНАЛЬНЫЙ БОКС. ДЮБУА VS ДЖОЙС. ЛУЧШИЕ БОИ 16+

12.00 «ЖИЗНЬ ПОСЛЕ СПОРТА» 12+

12.30 «БОЛЬШОЙ ХОККЕЙ» 12+

13.00 ФУТБОЛ. ЛИГА ЧЕМПИОНОВ. ОБЗОР

14.05 ВСЕ НА МАТЧ!

14.45 СМЕШАННЫЕ ЕДИНОБОРСТВА 16+

15.50 СКАЛОЛАЗАНИЕ. ЧЕМПИОНАТ ЕВРОПЫ. ТРАНСЛЯЦИЯ ИЗ МОСКВЫ

17.10 ВСЕ НА МАТЧ!

17.50 ФУТБОЛ. ЛИГА ЧЕМПИОНОВ. ОБЗОР

18.55 ФУТБОЛ. ЛИГА ЧЕМПИОНОВ

21.05 ВСЕ НА ФУТБОЛ!

22.00 ФУТБОЛ. ЦСКА (РОССИЯ) - «ФЕЙЕНООРД» (НИДЕРЛАНДЫ)

00.55 ФУТБОЛ. «РЕЙНДЖЕРС» (ШОТЛАНДИЯ) - «БЕНФИКА» (ПОРТУГАЛИЯ)

03.00 ВСЕ НА МАТЧ!

4.25 «НАШЕ КИНО» 12+

5.00 Х/Ф «МУЗЫКАЛЬНАЯ ИСТОРИЯ» 12+

6.20, 10.10 Т/С ШТРАФНИК 16+

10.00, 13.00 НОВОСТИ

13.15 «ДЕЛА СУДЕБНЫЕ» 16+

16.00, 19.00, 00.00 НОВОСТИ

16.15 МИРОВОЕ СОГЛАШЕНИЕ 16+

17.15 «ДЕЛА СУДЕБНЫЕ» 16+

17.50, 19.25 Т/С ШТРАФНИК 16+

21.40 «ИГРА В КИНО» 12+

23.20 «ВСЕМИРНЫЕ ИГРЫ РАЗУМА» 12+

23.25 «НАЗАД В БУДУЩЕЕ» 12+

00.15 Т/С «ОТТЕПЕЛЬ» 16+

ОТВ

4.10, 5.00 ПАТРУЛЬНЫЙ УЧАСТОК 16+

4.30, 5.30 «СОБЫТИЯ» 16+

6.00 НОВОСТИ ТАУ 16+

7.05 «БИ-БИ-ЗНАЙКИ»

7.30 «СОБЫТИЯ. ИТОГИ» 16+

9.00 Т/С «БАБЬЕ ЛЕТО» 16+

10.50, 14.00 ПАТРУЛЬНЫЙ УЧАСТОК 16+

11.10 Т/С «МЕТОД ФРЕЙДА - 2» 16+

13.00 НОВОСТИ ТАУ 16+

14.25 «СОБЫТИЯ. ИТОГИ» 16+

16.00 «ПАРЛАМЕНТСКОЕ ВРЕМЯ» 16+

16.15 «ОБЗОРНАЯ ЭКСКУРСИЯ» 6+

16.25 «НАШЕ КИНО» 12+

17.00 «КАБИНЕТ МИНИСТРОВ» 16+

17.10 Т/С «ГОСУДАРСТВЕННАЯ ГРАНИЦА. КУРЬЕРЫ СТРАХА», 1-2 С. 16+

19.00 «СОБЫТИЯ. ИТОГИ» 16+

20.30 «СОБЫТИЯ»

21.00 НОВОСТИ ТАУ 16+

22.00 «СОБЫТИЯ» 16+

22.40, 01.10 ПАТРУЛЬНЫЙ УЧАСТОК 16+

23.00 Т/С «МЕТОД ФРЕЙДА - 2» 16+

00.45, 02.30 «СОБЫТИЯ» 16+

01.30, 03.10 НОВОСТИ ТАУ 16+

5

5.00 «ИЗВЕСТИЯ»

5.25 Т/С «ИГРА» 16+

8.35 «ДЕНЬ АНГЕЛА»

9.00 «ИЗВЕСТИЯ»

9.25 Т/С «ИГРА» 16+

13.00 «ИЗВЕСТИЯ»

13.25 Т/С «ИГРА» 16+

17.30 «ИЗВЕСТИЯ»

17.45 Т/С «ВЕЛИКОЛЕПНАЯ ПЯТЕРКА» 16+

19.25 Т/С «СЛЕД» 16+

23.10 Т/С «ВЕЛИКОЛЕПНАЯ ПЯТЕРКА - 3» 16+

00.00 «ИЗВЕСТИЯ. ИТОГОВЫЙ ВЫПУСК»

00.30 Т/С «СЛЕД» 16+

01.15 Т/С «ДЕТЕКТИВЫ» 16+

03.25 «ИЗВЕСТИЯ»

03.35 Т/С «ДЕТЕКТИВЫ» 16+
